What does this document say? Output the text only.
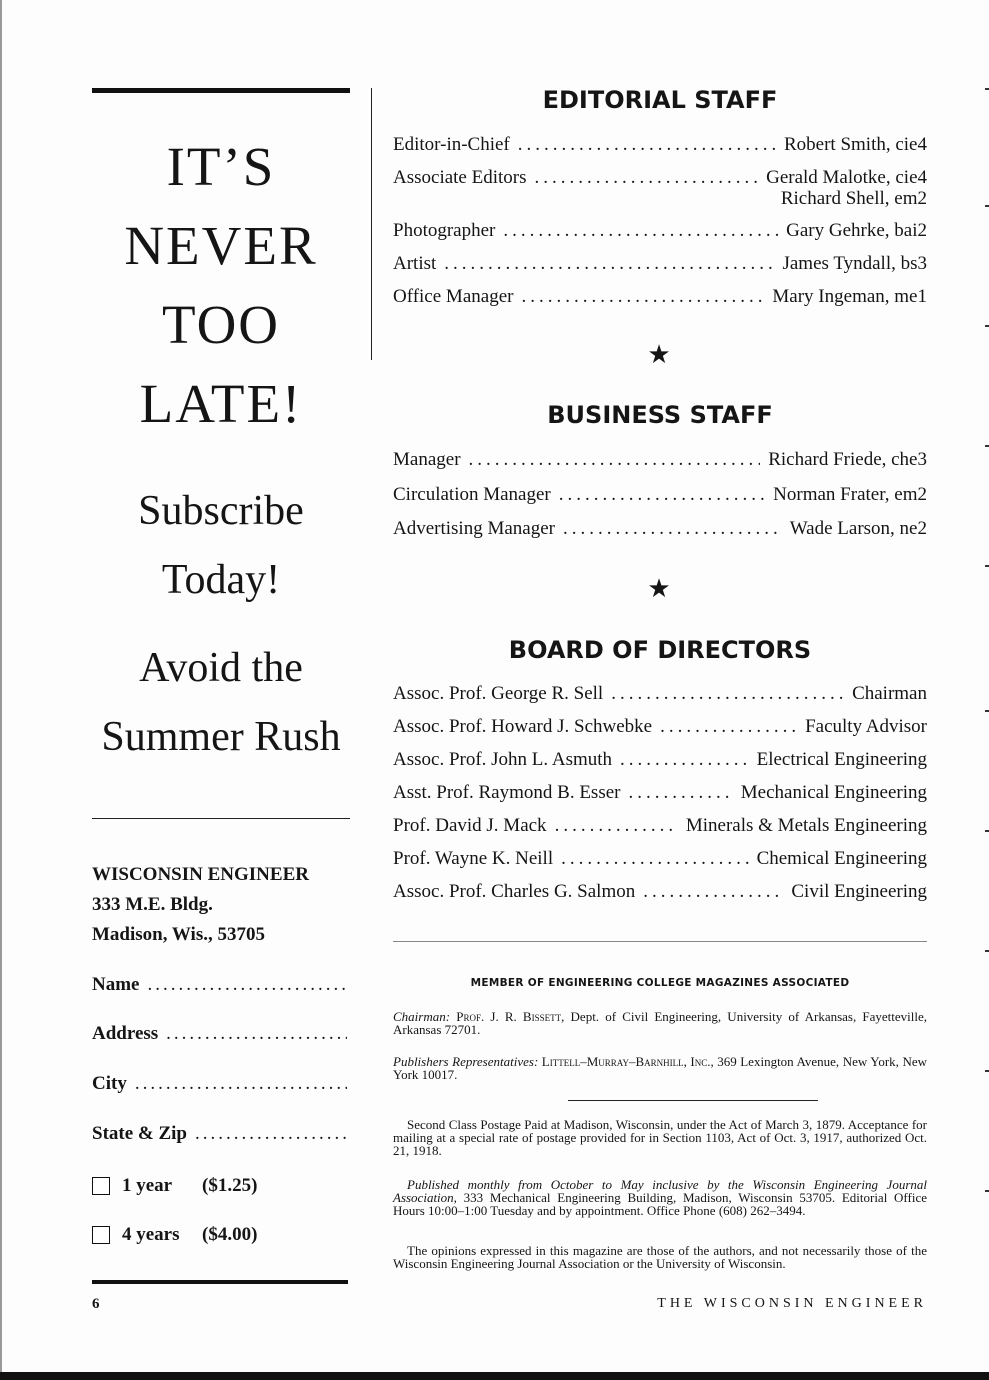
IT’S
NEVER
TOO
LATE!
Subscribe
Today!
Avoid the
Summer Rush
WISCONSIN ENGINEER
333 M.E. Bldg.
Madison, Wis., 53705
Name
.....
Address
.....
City
.....
State & Zip
.....
1 year	($1.25)
4 years	($4.00)
EDITORIAL STAFF
Editor-in-Chief .....	Robert Smith, cie4
Associate Editors .....	Gerald Malotke, cie4
Richard Shell, em2
Photographer .....	Gary Gehrke, bai2
Artist .....	James Tyndall, bs3
Office Manager .....	Mary Ingeman, me1
★
BUSINESS STAFF
Manager .....	Richard Friede, che3
Circulation Manager .....	Norman Frater, em2
Advertising Manager .....	Wade Larson, ne2
★
BOARD OF DIRECTORS
Assoc. Prof. George R. Sell .....	Chairman
Assoc. Prof. Howard J. Schwebke .....	Faculty Advisor
Assoc. Prof. John L. Asmuth .....	Electrical Engineering
Asst. Prof. Raymond B. Esser .....	Mechanical Engineering
Prof. David J. Mack .....	Minerals & Metals Engineering
Prof. Wayne K. Neill .....	Chemical Engineering
Assoc. Prof. Charles G. Salmon .....	Civil Engineering
MEMBER OF ENGINEERING COLLEGE MAGAZINES ASSOCIATED
Chairman: Prof. J. R. Bissett, Dept. of Civil Engineering, University of Arkansas, Fayetteville, Arkansas 72701.
Publishers Representatives: Littell–Murray–Barnhill, Inc., 369 Lexington Avenue, New York, New York 10017.
Second Class Postage Paid at Madison, Wisconsin, under the Act of March 3, 1879. Acceptance for mailing at a special rate of postage provided for in Section 1103, Act of Oct. 3, 1917, authorized Oct. 21, 1918.
Published monthly from October to May inclusive by the Wisconsin Engineering Journal Association, 333 Mechanical Engineering Building, Madison, Wisconsin 53705. Editorial Office Hours 10:00–1:00 Tuesday and by appointment. Office Phone (608) 262–3494.
The opinions expressed in this magazine are those of the authors, and not necessarily those of the Wisconsin Engineering Journal Association or the University of Wisconsin.
6	THE WISCONSIN ENGINEER
